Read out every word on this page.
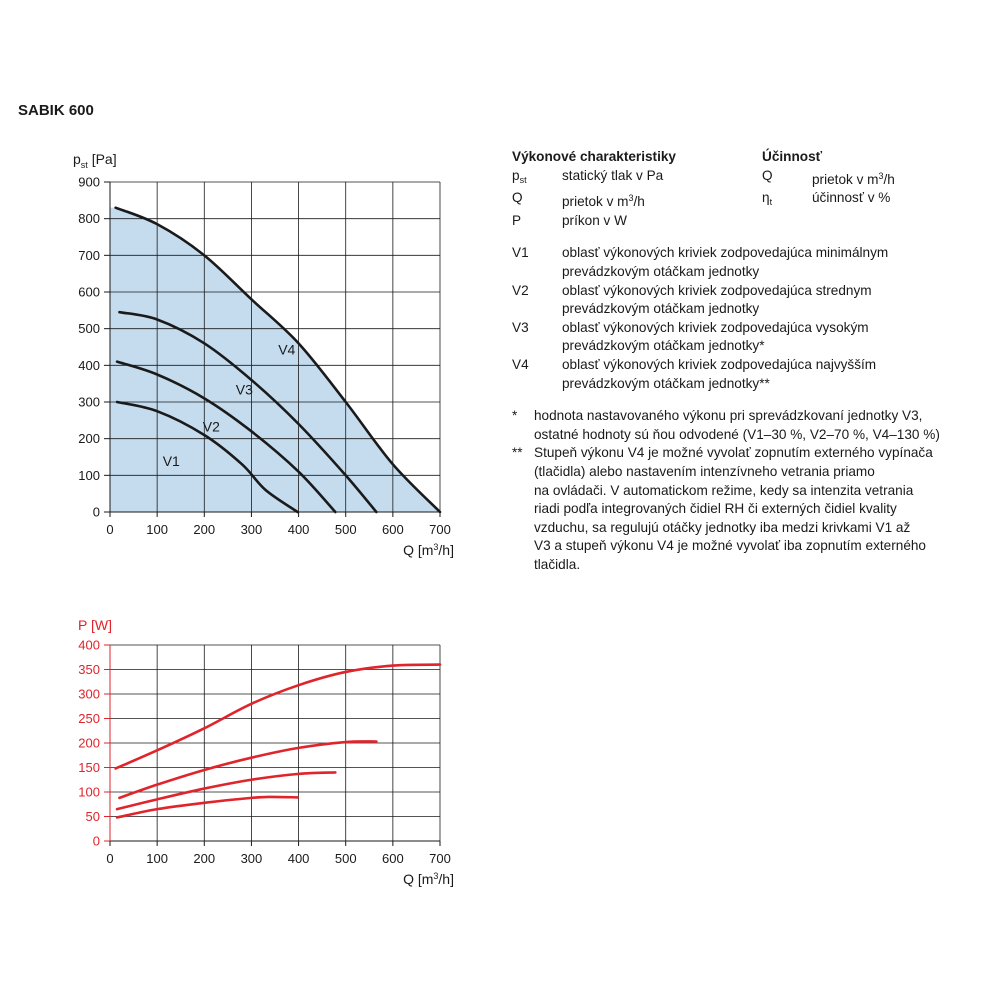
SABIK 600
0
100
200
300
400
500
600
700
800
900
0	100 200 300 400 500 600 700
$p_{st}$ [Pa]
Q $[m^3/h]$
V1
V2
V3
V4
0
50
100
150
200
250
300
350
400
0	100 200 300 400 500 600 700
P [W]
Q $[m^3/h]$
Výkonové charakteristiky	Účinnosť
$p_{st}$	statický tlak v Pa	Q	prietok v $m^3/h$
Q	prietok v $m^3/h$	$\eta_t$	účinnosť v %
P	príkon v W
V1	oblasť výkonových kriviek zodpovedajúca minimálnym
prevádzkovým otáčkam jednotky
V2	oblasť výkonových kriviek zodpovedajúca strednym
prevádzkovým otáčkam jednotky
V3	oblasť výkonových kriviek zodpovedajúca vysokým
prevádzkovým otáčkam jednotky*
V4	oblasť výkonových kriviek zodpovedajúca najvyšším
prevádzkovým otáčkam jednotky**
*	hodnota nastavovaného výkonu pri sprevádzkovaní jednotky V3,
ostatné hodnoty sú ňou odvodené (V1–30 %, V2–70 %, V4–130 %)
** Stupeň výkonu V4 je možné vyvolať zopnutím externého vypínača
(tlačidla) alebo nastavením intenzívneho vetrania priamo
na ovládači. V automatickom režime, kedy sa intenzita vetrania
riadi podľa integrovaných čidiel RH či externých čidiel kvality
vzduchu, sa regulujú otáčky jednotky iba medzi krivkami V1 až
V3 a stupeň výkonu V4 je možné vyvolať iba zopnutím externého
tlačidla.
